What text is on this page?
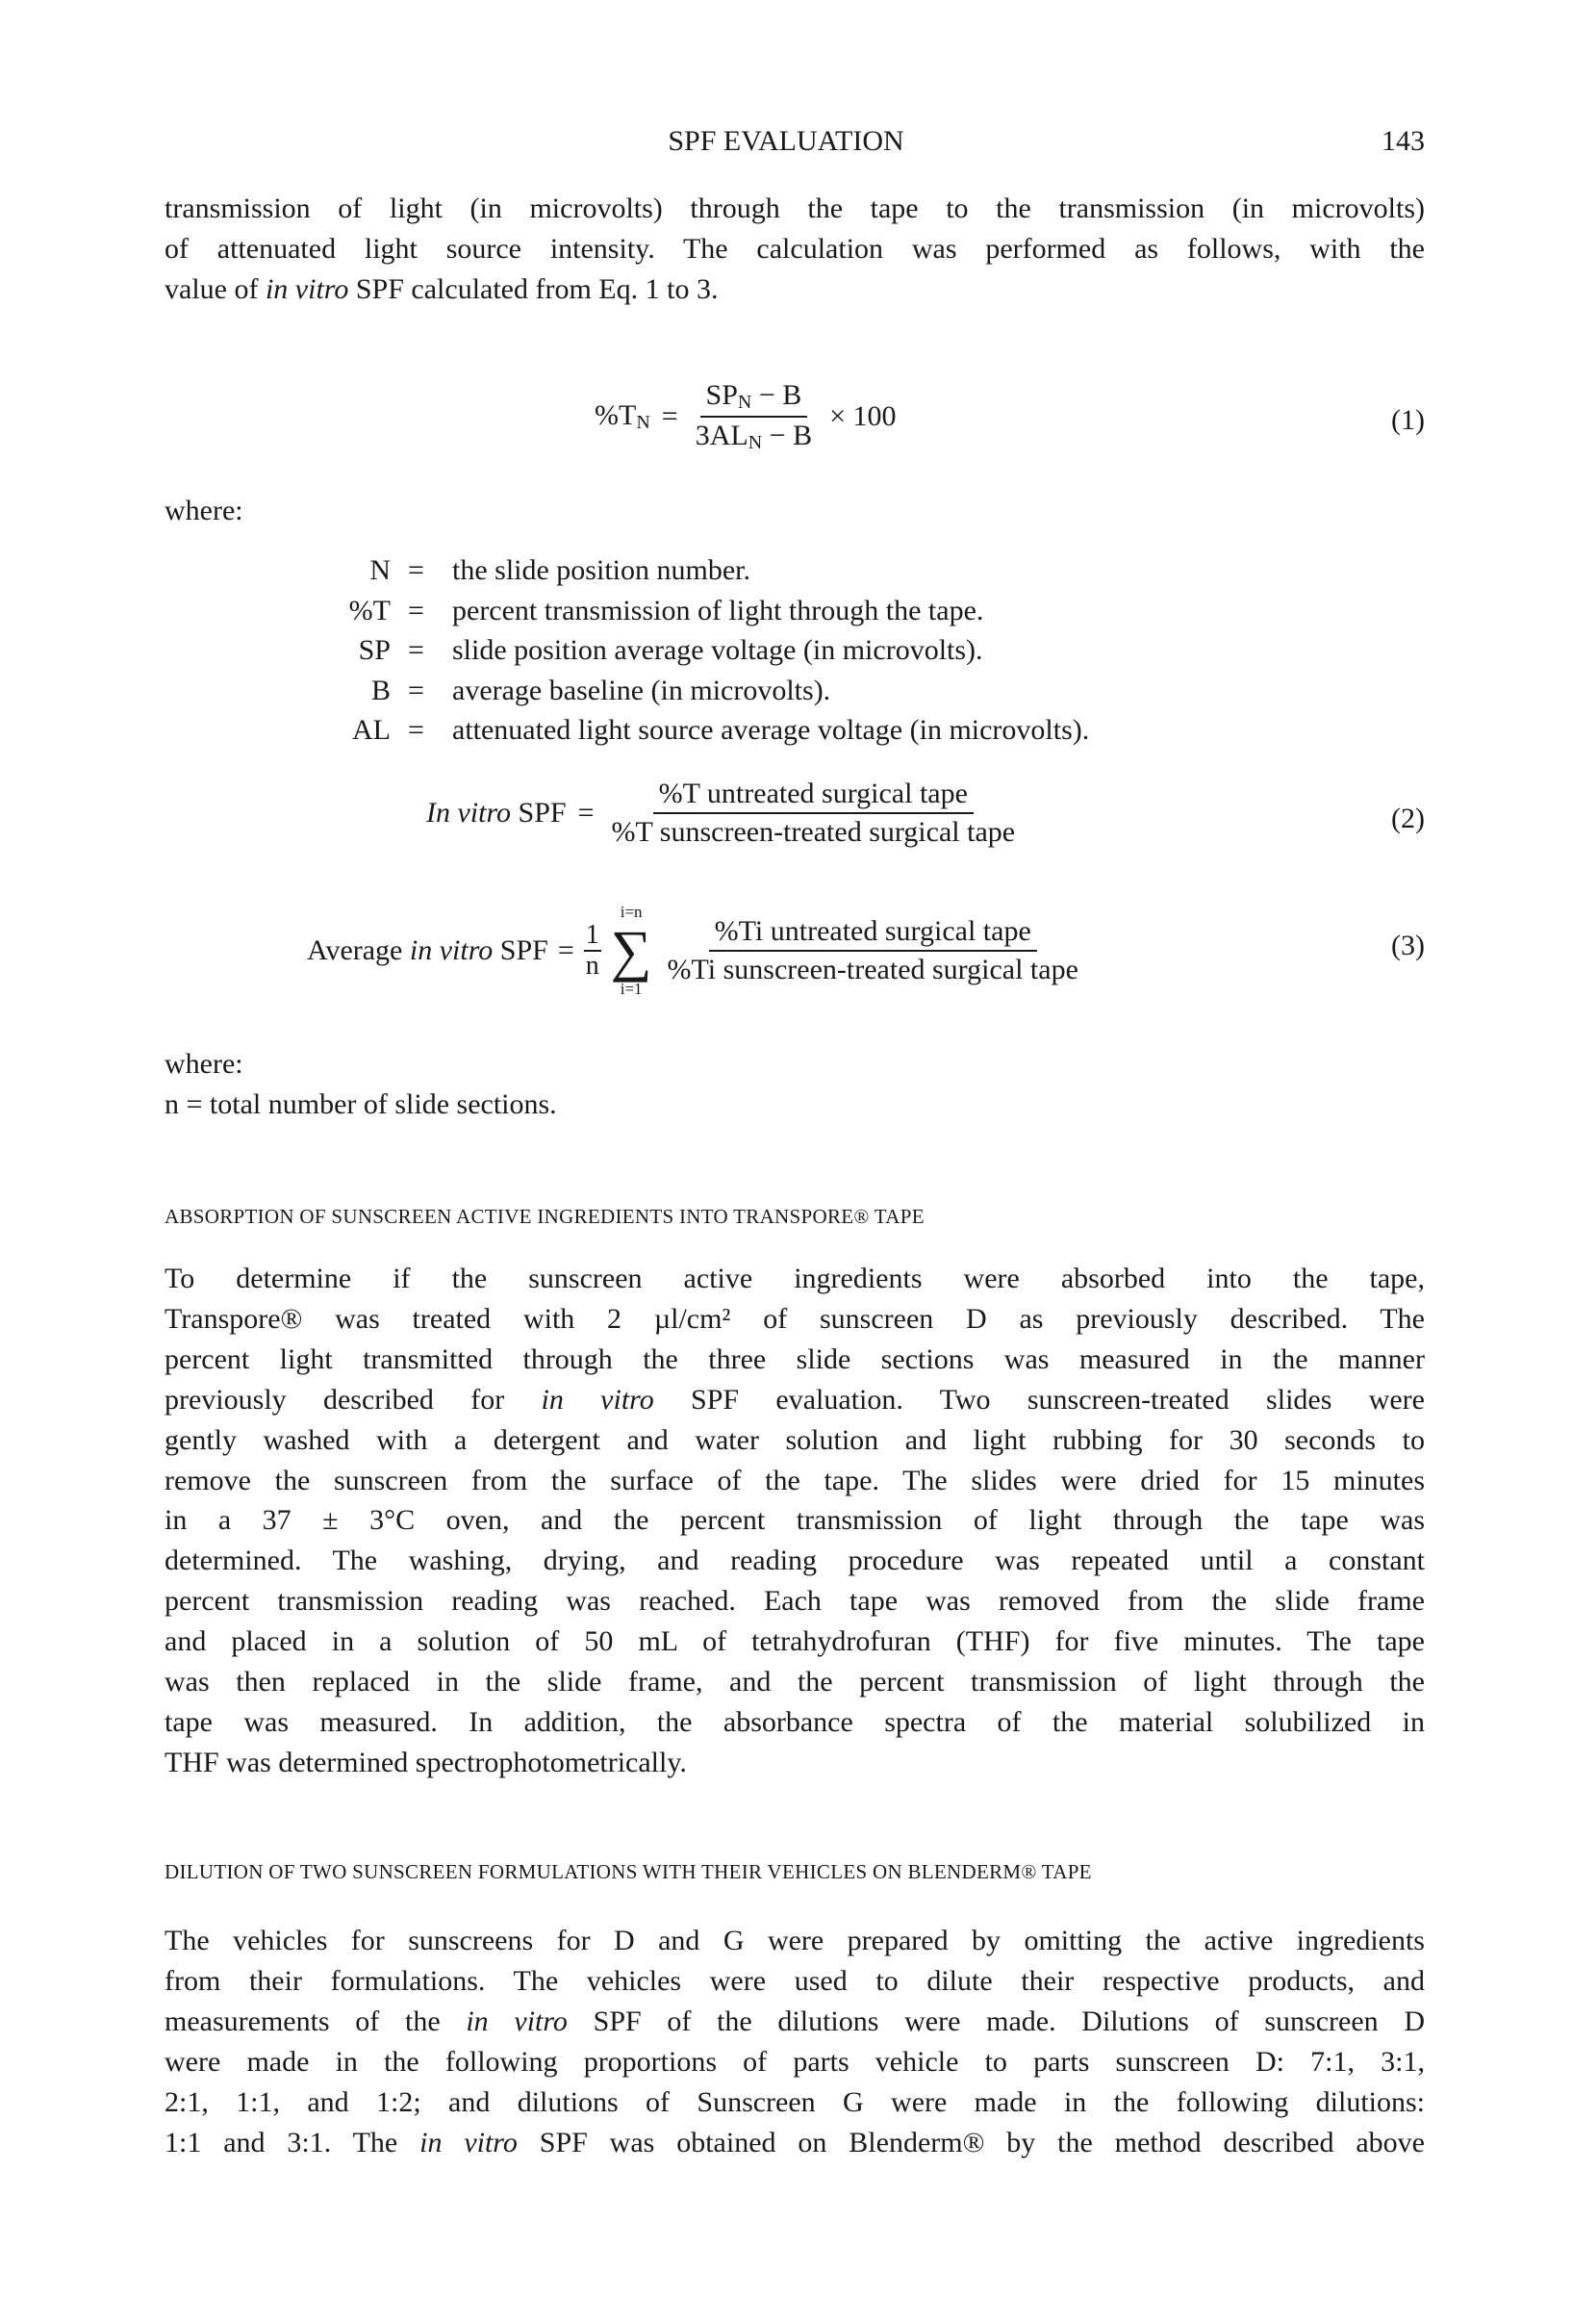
SPF EVALUATION	143
transmission of light (in microvolts) through the tape to the transmission (in microvolts)
of attenuated light source intensity. The calculation was performed as follows, with the
value of in vitro SPF calculated from Eq. 1 to 3.
$\%T_N = \frac{SP_N - B}{3AL_N - B} \times 100$	(1)
where:
N = the slide position number.
%T = percent transmission of light through the tape.
SP = slide position average voltage (in microvolts).
B = average baseline (in microvolts).
AL = attenuated light source average voltage (in microvolts).
In vitro SPF = $\frac{\text{\%T untreated surgical tape}}{\text{\%T sunscreen-treated surgical tape}}$	(2)
Average in vitro SPF = $\frac{1}{n}$
i=n
∑
i=1
$\frac{\text{\%Ti untreated surgical tape}}{\text{\%Ti sunscreen-treated surgical tape}}$	(3)
where:
n = total number of slide sections.
ABSORPTION OF SUNSCREEN ACTIVE INGREDIENTS INTO TRANSPORE® TAPE
To determine if the sunscreen active ingredients were absorbed into the tape,
Transpore® was treated with 2 µl/cm² of sunscreen D as previously described. The
percent light transmitted through the three slide sections was measured in the manner
previously described for in vitro SPF evaluation. Two sunscreen-treated slides were
gently washed with a detergent and water solution and light rubbing for 30 seconds to
remove the sunscreen from the surface of the tape. The slides were dried for 15 minutes
in a 37 ± 3°C oven, and the percent transmission of light through the tape was
determined. The washing, drying, and reading procedure was repeated until a constant
percent transmission reading was reached. Each tape was removed from the slide frame
and placed in a solution of 50 mL of tetrahydrofuran (THF) for five minutes. The tape
was then replaced in the slide frame, and the percent transmission of light through the
tape was measured. In addition, the absorbance spectra of the material solubilized in
THF was determined spectrophotometrically.
DILUTION OF TWO SUNSCREEN FORMULATIONS WITH THEIR VEHICLES ON BLENDERM® TAPE
The vehicles for sunscreens for D and G were prepared by omitting the active ingredients
from their formulations. The vehicles were used to dilute their respective products, and
measurements of the in vitro SPF of the dilutions were made. Dilutions of sunscreen D
were made in the following proportions of parts vehicle to parts sunscreen D: 7:1, 3:1,
2:1, 1:1, and 1:2; and dilutions of Sunscreen G were made in the following dilutions:
1:1 and 3:1. The in vitro SPF was obtained on Blenderm® by the method described above
